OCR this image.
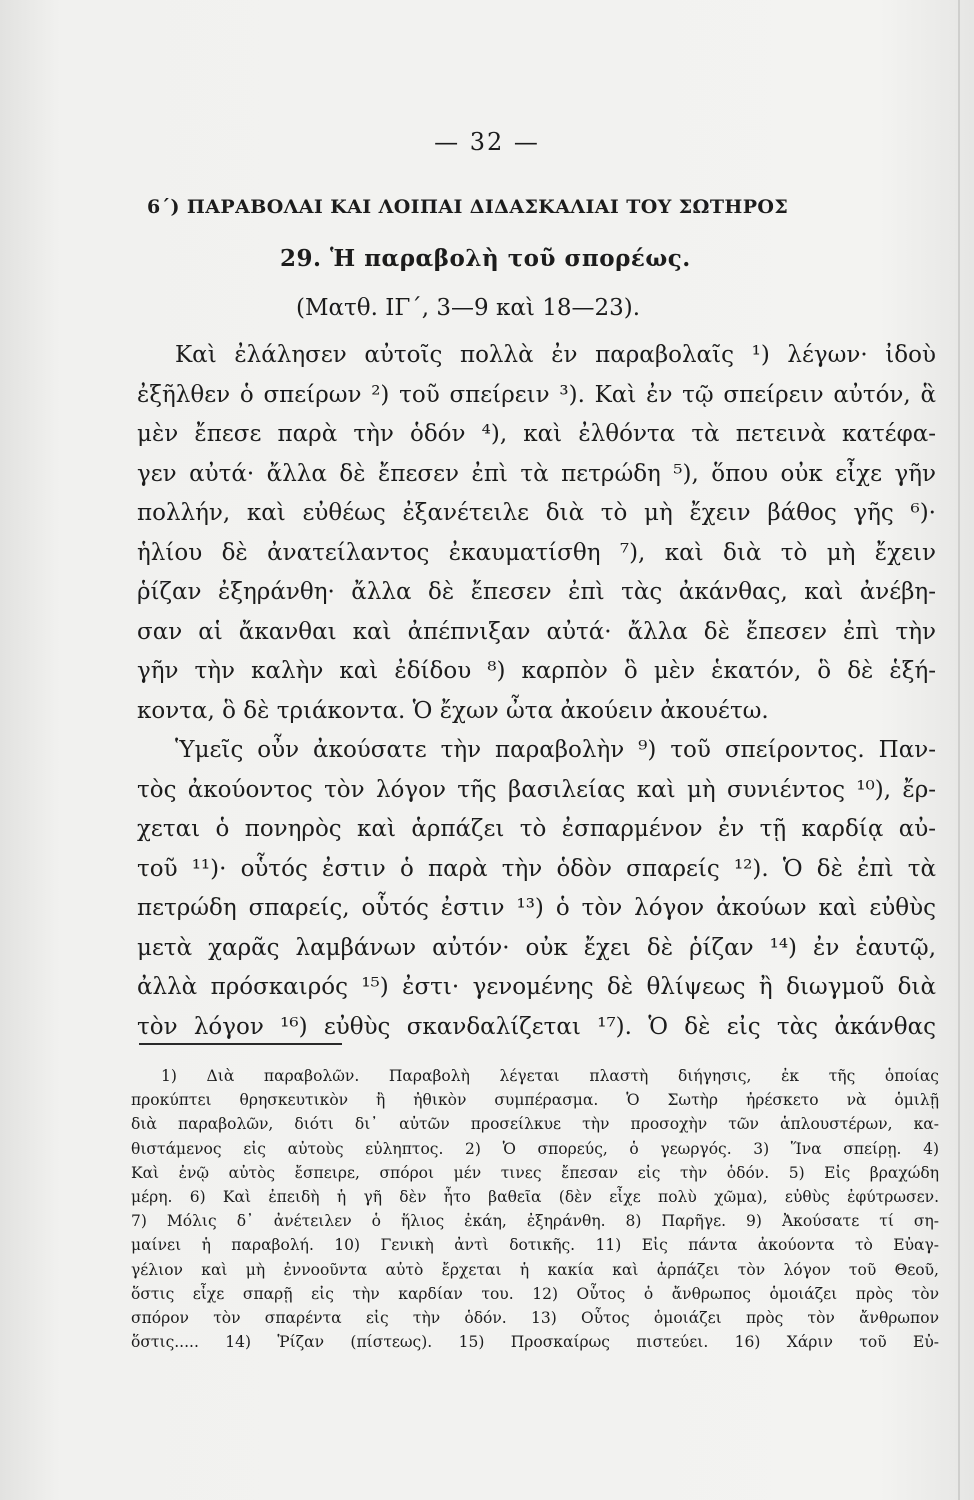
— 32 —
6΄) ΠΑΡΑΒΟΛΑΙ ΚΑΙ ΛΟΙΠΑΙ ΔΙΔΑΣΚΑΛΙΑΙ ΤΟΥ ΣΩΤΗΡΟΣ
29. Ἡ παραβολὴ τοῦ σπορέως.
(Ματθ. ΙΓ΄, 3—9 καὶ 18—23).
Καὶ ἐλάλησεν αὐτοῖς πολλὰ ἐν παραβολαῖς ¹) λέγων· ἰδοὺ
ἐξῆλθεν ὁ σπείρων ²) τοῦ σπείρειν ³). Καὶ ἐν τῷ σπείρειν αὐτόν, ἃ
μὲν ἔπεσε παρὰ τὴν ὁδόν ⁴), καὶ ἐλθόντα τὰ πετεινὰ κατέφα-
γεν αὐτά· ἄλλα δὲ ἔπεσεν ἐπὶ τὰ πετρώδη ⁵), ὅπου οὐκ εἶχε γῆν
πολλήν, καὶ εὐθέως ἐξανέτειλε διὰ τὸ μὴ ἔχειν βάθος γῆς ⁶)·
ἡλίου δὲ ἀνατείλαντος ἐκαυματίσθη ⁷), καὶ διὰ τὸ μὴ ἔχειν
ῥίζαν ἐξηράνθη· ἄλλα δὲ ἔπεσεν ἐπὶ τὰς ἀκάνθας, καὶ ἀνέβη-
σαν αἱ ἄκανθαι καὶ ἀπέπνιξαν αὐτά· ἄλλα δὲ ἔπεσεν ἐπὶ τὴν
γῆν τὴν καλὴν καὶ ἐδίδου ⁸) καρπὸν ὃ μὲν ἑκατόν, ὃ δὲ ἑξή-
κοντα, ὃ δὲ τριάκοντα. Ὁ ἔχων ὦτα ἀκούειν ἀκουέτω.
Ὑμεῖς οὖν ἀκούσατε τὴν παραβολὴν ⁹) τοῦ σπείροντος. Παν-
τὸς ἀκούοντος τὸν λόγον τῆς βασιλείας καὶ μὴ συνιέντος ¹⁰), ἔρ-
χεται ὁ πονηρὸς καὶ ἁρπάζει τὸ ἐσπαρμένον ἐν τῇ καρδίᾳ αὐ-
τοῦ ¹¹)· οὗτός ἐστιν ὁ παρὰ τὴν ὁδὸν σπαρείς ¹²). Ὁ δὲ ἐπὶ τὰ
πετρώδη σπαρείς, οὗτός ἐστιν ¹³) ὁ τὸν λόγον ἀκούων καὶ εὐθὺς
μετὰ χαρᾶς λαμβάνων αὐτόν· οὐκ ἔχει δὲ ῥίζαν ¹⁴) ἐν ἑαυτῷ,
ἀλλὰ πρόσκαιρός ¹⁵) ἐστι· γενομένης δὲ θλίψεως ἢ διωγμοῦ διὰ
τὸν λόγον ¹⁶) εὐθὺς σκανδαλίζεται ¹⁷). Ὁ δὲ εἰς τὰς ἀκάνθας
1) Διὰ παραβολῶν. Παραβολὴ λέγεται πλαστὴ διήγησις, ἐκ τῆς ὁποίας
προκύπτει θρησκευτικὸν ἢ ἠθικὸν συμπέρασμα. Ὁ Σωτὴρ ἠρέσκετο νὰ ὁμιλῇ
διὰ παραβολῶν, διότι δι᾽ αὐτῶν προσείλκυε τὴν προσοχὴν τῶν ἁπλουστέρων, κα-
θιστάμενος εἰς αὐτοὺς εὐληπτος. 2) Ὁ σπορεύς, ὁ γεωργός. 3) Ἵνα σπείρῃ. 4)
Καὶ ἐνῷ αὐτὸς ἔσπειρε, σπόροι μέν τινες ἔπεσαν εἰς τὴν ὁδόν. 5) Εἰς βραχώδη
μέρη. 6) Καὶ ἐπειδὴ ἡ γῆ δὲν ἦτο βαθεῖα (δὲν εἶχε πολὺ χῶμα), εὐθὺς ἐφύτρωσεν.
7) Μόλις δ᾽ ἀνέτειλεν ὁ ἥλιος ἐκάη, ἐξηράνθη. 8) Παρῆγε. 9) Ἀκούσατε τί ση-
μαίνει ἡ παραβολή. 10) Γενικὴ ἀντὶ δοτικῆς. 11) Εἰς πάντα ἀκούοντα τὸ Εὐαγ-
γέλιον καὶ μὴ ἐννοοῦντα αὐτὸ ἔρχεται ἡ κακία καὶ ἁρπάζει τὸν λόγον τοῦ Θεοῦ,
ὅστις εἶχε σπαρῇ εἰς τὴν καρδίαν του. 12) Οὗτος ὁ ἄνθρωπος ὁμοιάζει πρὸς τὸν
σπόρον τὸν σπαρέντα εἰς τὴν ὁδόν. 13) Οὗτος ὁμοιάζει πρὸς τὸν ἄνθρωπον
ὅστις..... 14) Ῥίζαν (πίστεως). 15) Προσκαίρως πιστεύει. 16) Χάριν τοῦ Εὐ-
